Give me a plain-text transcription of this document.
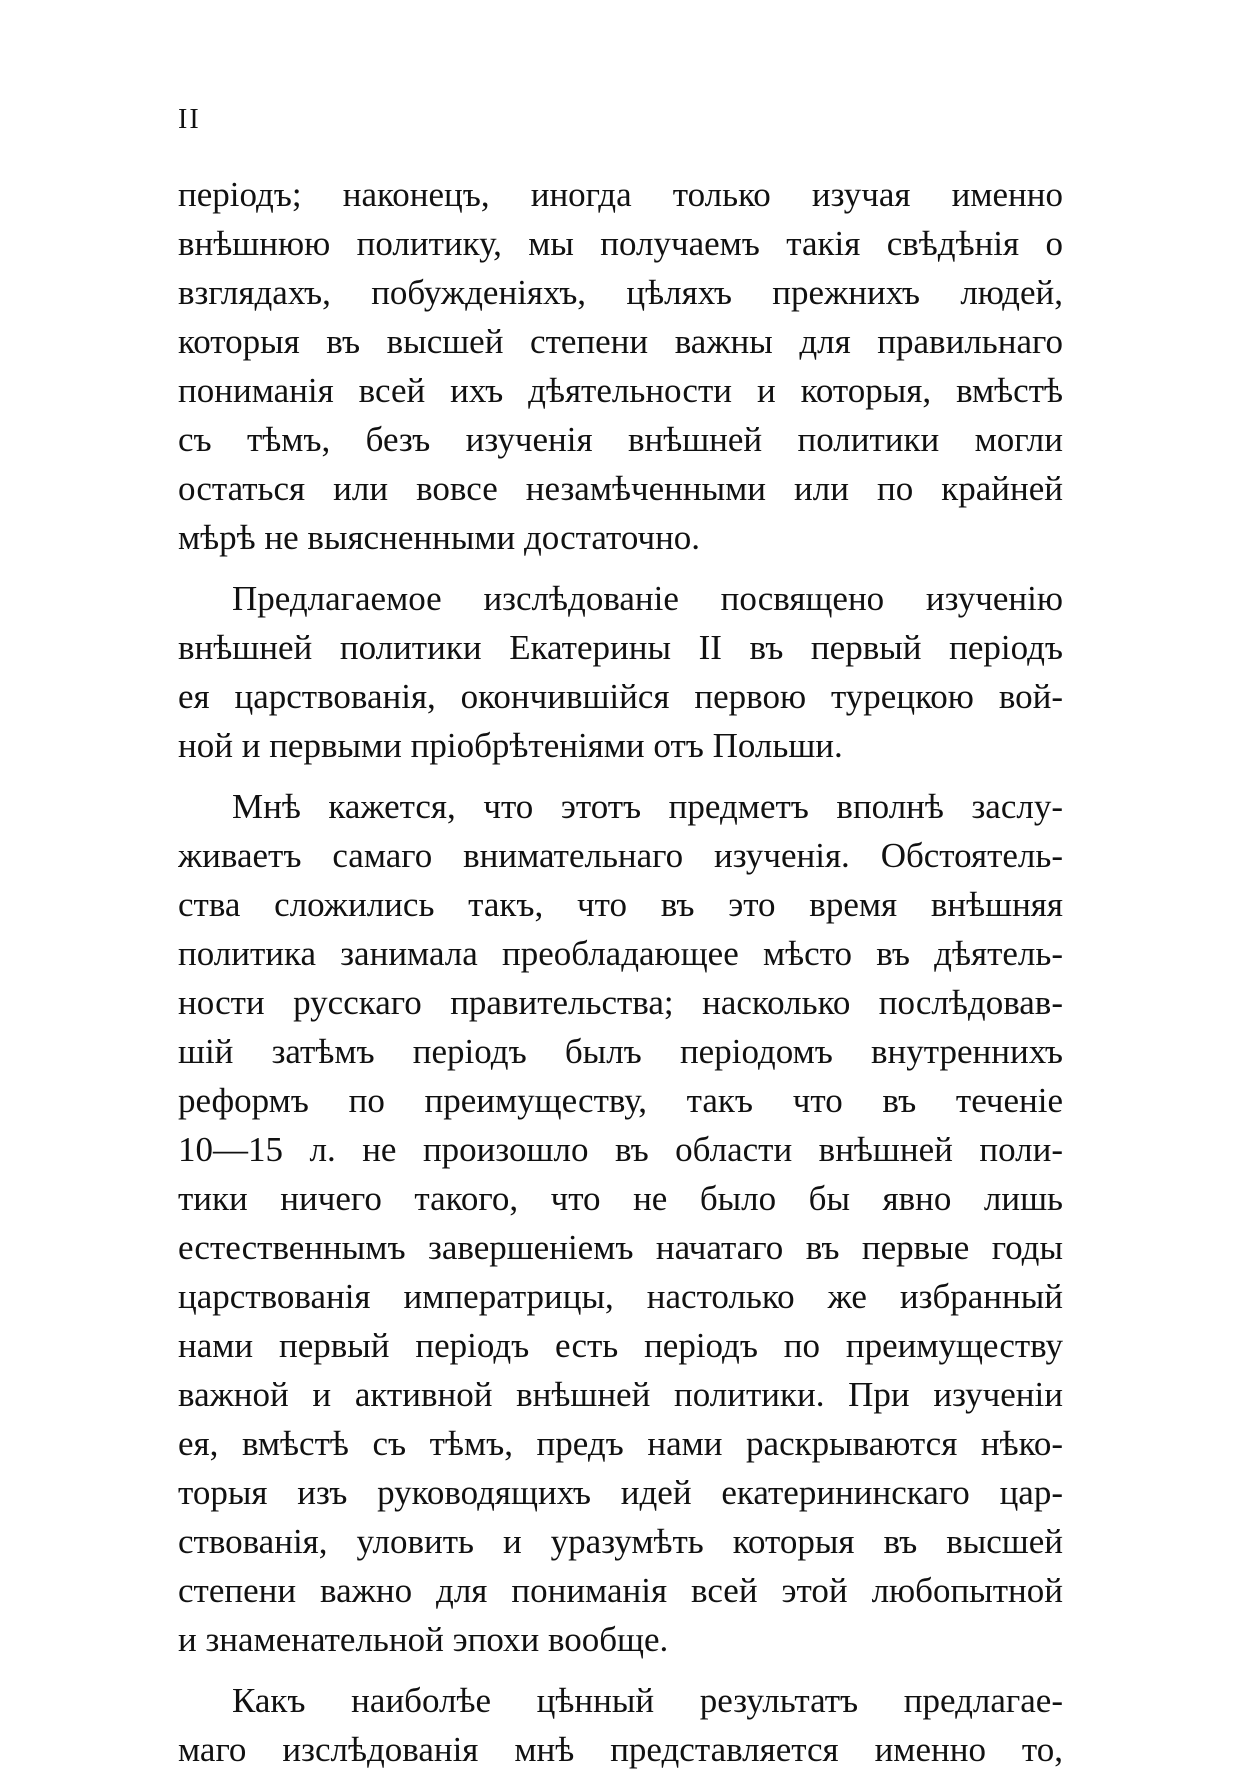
II
періодъ; наконецъ, иногда только изучая именно
внѣшнюю политику, мы получаемъ такія свѣдѣнія о
взглядахъ, побужденіяхъ, цѣляхъ прежнихъ людей,
которыя въ высшей степени важны для правильнаго
пониманія всей ихъ дѣятельности и которыя, вмѣстѣ
съ тѣмъ, безъ изученія внѣшней политики могли
остаться или вовсе незамѣченными или по крайней
мѣрѣ не выясненными достаточно.
Предлагаемое изслѣдованіе посвящено изученію
внѣшней политики Екатерины II въ первый періодъ
ея царствованія, окончившійся первою турецкою вой-
ной и первыми пріобрѣтеніями отъ Польши.
Мнѣ кажется, что этотъ предметъ вполнѣ заслу-
живаетъ самаго внимательнаго изученія. Обстоятель-
ства сложились такъ, что въ это время внѣшняя
политика занимала преобладающее мѣсто въ дѣятель-
ности русскаго правительства; насколько послѣдовав-
шій затѣмъ періодъ былъ періодомъ внутреннихъ
реформъ по преимуществу, такъ что въ теченіе
10—15 л. не произошло въ области внѣшней поли-
тики ничего такого, что не было бы явно лишь
естественнымъ завершеніемъ начатаго въ первые годы
царствованія императрицы, настолько же избранный
нами первый періодъ есть періодъ по преимуществу
важной и активной внѣшней политики. При изученіи
ея, вмѣстѣ съ тѣмъ, предъ нами раскрываются нѣко-
торыя изъ руководящихъ идей екатерининскаго цар-
ствованія, уловить и уразумѣть которыя въ высшей
степени важно для пониманія всей этой любопытной
и знаменательной эпохи вообще.
Какъ наиболѣе цѣнный результатъ предлагае-
маго изслѣдованія мнѣ представляется именно то,
